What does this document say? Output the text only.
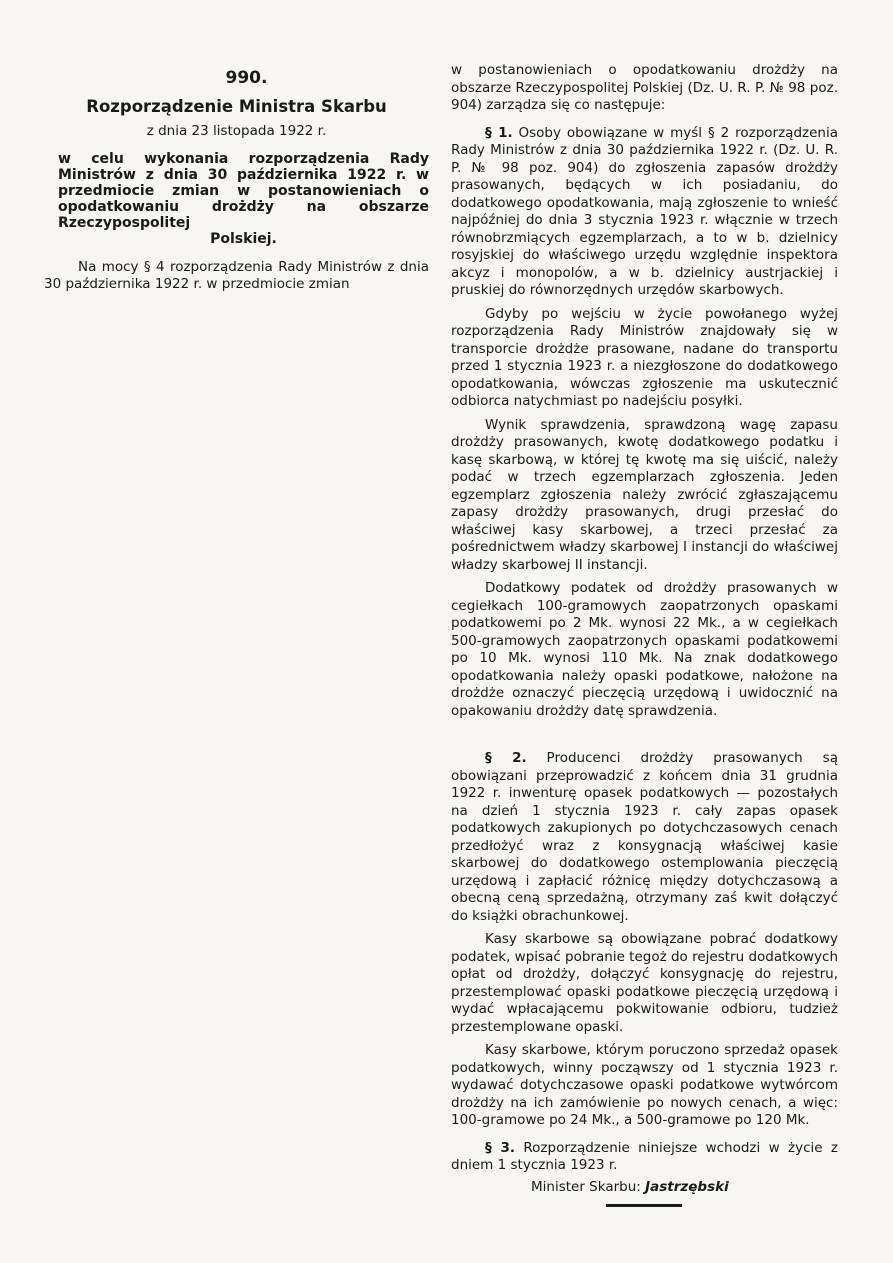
990.
Rozporządzenie Ministra Skarbu
z dnia 23 listopada 1922 r.
w celu wykonania rozporządzenia Rady Ministrów z dnia 30 października 1922 r. w przedmiocie zmian w postanowieniach o opodatkowaniu drożdży na obszarze Rzeczypospolitej
Polskiej.

Na mocy § 4 rozporządzenia Rady Ministrów z dnia 30 października 1922 r. w przedmiocie zmian

w postanowieniach o opodatkowaniu drożdży na obszarze Rzeczypospolitej Polskiej (Dz. U. R. P. № 98 poz. 904) zarządza się co następuje:

§ 1. Osoby obowiązane w myśl § 2 rozporządzenia Rady Ministrów z dnia 30 października 1922 r. (Dz. U. R. P. № 98 poz. 904) do zgłoszenia zapasów drożdży prasowanych, będących w ich posiadaniu, do dodatkowego opodatkowania, mają zgłoszenie to wnieść najpóźniej do dnia 3 stycznia 1923 r. włącznie w trzech równobrzmiących egzemplarzach, a to w b. dzielnicy rosyjskiej do właściwego urzędu względnie inspektora akcyz i monopolów, a w b. dzielnicy austrjackiej i pruskiej do równorzędnych urzędów skarbowych.

Gdyby po wejściu w życie powołanego wyżej rozporządzenia Rady Ministrów znajdowały się w transporcie drożdże prasowane, nadane do transportu przed 1 stycznia 1923 r. a niezgłoszone do dodatkowego opodatkowania, wówczas zgłoszenie ma uskutecznić odbiorca natychmiast po nadejściu posyłki.

Wynik sprawdzenia, sprawdzoną wagę zapasu drożdży prasowanych, kwotę dodatkowego podatku i kasę skarbową, w której tę kwotę ma się uiścić, należy podać w trzech egzemplarzach zgłoszenia. Jeden egzemplarz zgłoszenia należy zwrócić zgłaszającemu zapasy drożdży prasowanych, drugi przesłać do właściwej kasy skarbowej, a trzeci przesłać za pośrednictwem władzy skarbowej I instancji do właściwej władzy skarbowej II instancji.

Dodatkowy podatek od drożdży prasowanych w cegiełkach 100-gramowych zaopatrzonych opaskami podatkowemi po 2 Mk. wynosi 22 Mk., a w cegiełkach 500-gramowych zaopatrzonych opaskami podatkowemi po 10 Mk. wynosi 110 Mk. Na znak dodatkowego opodatkowania należy opaski podatkowe, nałożone na drożdże oznaczyć pieczęcią urzędową i uwidocznić na opakowaniu drożdży datę sprawdzenia.

§ 2. Producenci drożdży prasowanych są obowiązani przeprowadzić z końcem dnia 31 grudnia 1922 r. inwenturę opasek podatkowych — pozostałych na dzień 1 stycznia 1923 r. cały zapas opasek podatkowych zakupionych po dotychczasowych cenach przedłożyć wraz z konsygnacją właściwej kasie skarbowej do dodatkowego ostemplowania pieczęcią urzędową i zapłacić różnicę między dotychczasową a obecną ceną sprzedażną, otrzymany zaś kwit dołączyć do książki obrachunkowej.

Kasy skarbowe są obowiązane pobrać dodatkowy podatek, wpisać pobranie tegoż do rejestru dodatkowych opłat od drożdży, dołączyć konsygnację do rejestru, przestemplować opaski podatkowe pieczęcią urzędową i wydać wpłacającemu pokwitowanie odbioru, tudzież przestemplowane opaski.

Kasy skarbowe, którym poruczono sprzedaż opasek podatkowych, winny począwszy od 1 stycznia 1923 r. wydawać dotychczasowe opaski podatkowe wytwórcom drożdży na ich zamówienie po nowych cenach, a więc: 100-gramowe po 24 Mk., a 500-gramowe po 120 Mk.

§ 3. Rozporządzenie niniejsze wchodzi w życie z dniem 1 stycznia 1923 r.

Minister Skarbu: Jastrzębski
